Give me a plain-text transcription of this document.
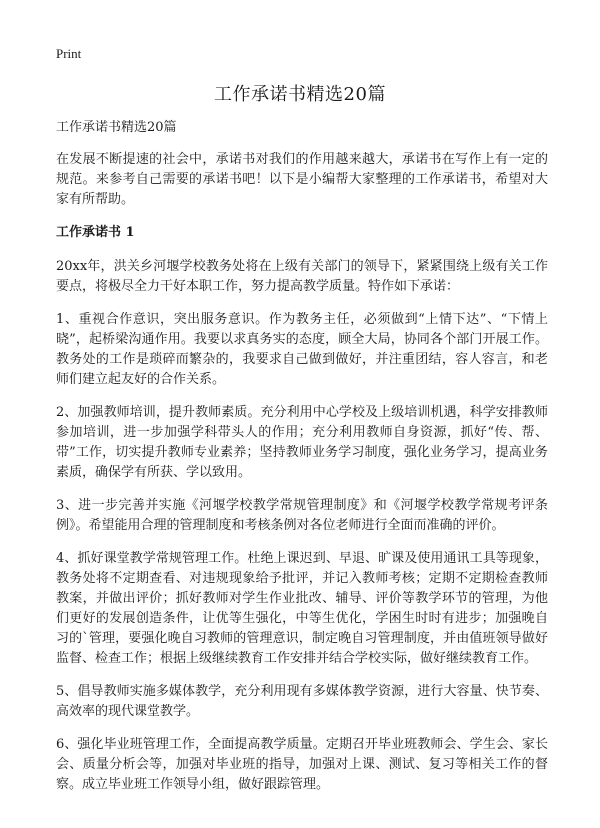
Print
工作承诺书精选20篇
工作承诺书精选20篇

在发展不断提速的社会中，承诺书对我们的作用越来越大，承诺书在写作上有一定的规范。来参考自己需要的承诺书吧！以下是小编帮大家整理的工作承诺书，希望对大家有所帮助。

工作承诺书 1

20xx年，洪关乡河堰学校教务处将在上级有关部门的领导下，紧紧围绕上级有关工作要点，将极尽全力干好本职工作，努力提高教学质量。特作如下承诺：

1、重视合作意识，突出服务意识。作为教务主任，必须做到“上情下达”、“下情上晓”，起桥梁沟通作用。我要以求真务实的态度，顾全大局，协同各个部门开展工作。教务处的工作是琐碎而繁杂的，我要求自己做到做好，并注重团结，容人容言，和老师们建立起友好的合作关系。

2、加强教师培训，提升教师素质。充分利用中心学校及上级培训机遇，科学安排教师参加培训，进一步加强学科带头人的作用；充分利用教师自身资源，抓好“传、帮、带”工作，切实提升教师专业素养；坚持教师业务学习制度，强化业务学习，提高业务素质，确保学有所获、学以致用。

3、进一步完善并实施《河堰学校教学常规管理制度》和《河堰学校教学常规考评条例》。希望能用合理的管理制度和考核条例对各位老师进行全面而准确的评价。

4、抓好课堂教学常规管理工作。杜绝上课迟到、早退、旷课及使用通讯工具等现象，教务处将不定期查看、对违规现象给予批评，并记入教师考核；定期不定期检查教师教案，并做出评价；抓好教师对学生作业批改、辅导、评价等教学环节的管理，为他们更好的发展创造条件，让优等生强化，中等生优化，学困生时时有进步；加强晚自习的`管理，要强化晚自习教师的管理意识，制定晚自习管理制度，并由值班领导做好监督、检查工作；根据上级继续教育工作安排并结合学校实际，做好继续教育工作。

5、倡导教师实施多媒体教学，充分利用现有多媒体教学资源，进行大容量、快节奏、高效率的现代课堂教学。

6、强化毕业班管理工作，全面提高教学质量。定期召开毕业班教师会、学生会、家长会、质量分析会等，加强对毕业班的指导，加强对上课、测试、复习等相关工作的督察。成立毕业班工作领导小组，做好跟踪管理。
